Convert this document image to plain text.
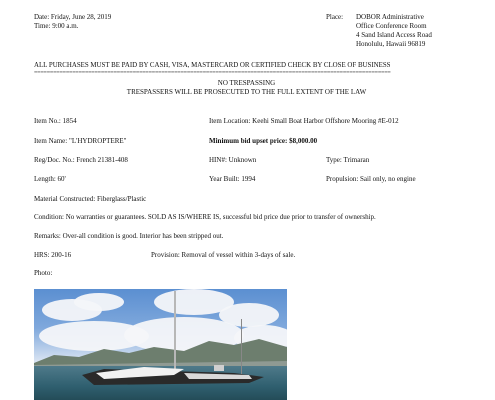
Date: Friday, June 28, 2019
Time: 9:00 a.m.
Place: DOBOR Administrative
Office Conference Room
4 Sand Island Access Road
Honolulu, Hawaii 96819
ALL PURCHASES MUST BE PAID BY CASH, VISA, MASTERCARD OR CERTIFIED CHECK BY CLOSE OF BUSINESS
================================================================================================================
NO TRESPASSING
TRESPASSERS WILL BE PROSECUTED TO THE FULL EXTENT OF THE LAW
Item No.: 1854	Item Location: Keehi Small Boat Harbor Offshore Mooring #E-012
Item Name: "L'HYDROPTERE"	Minimum bid upset price: $8,000.00
Reg/Doc. No.: French 21381-408	HIN#: Unknown	Type: Trimaran
Length: 60'	Year Built: 1994	Propulsion: Sail only, no engine
Material Constructed: Fiberglass/Plastic
Condition: No warranties or guarantees. SOLD AS IS/WHERE IS, successful bid price due prior to transfer of ownership.
Remarks: Over-all condition is good. Interior has been stripped out.
HRS: 200-16	Provision: Removal of vessel within 3-days of sale.
Photo:
